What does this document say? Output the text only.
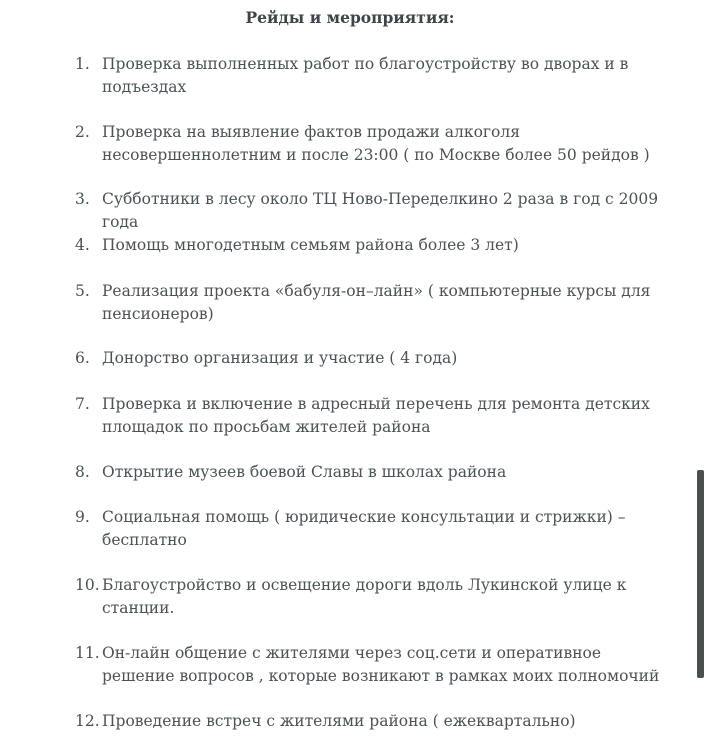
Рейды и мероприятия:
1. Проверка выполненных работ по благоустройству во дворах и в подъездах
2. Проверка на выявление фактов продажи алкоголя несовершеннолетним и после 23:00 ( по Москве более 50 рейдов )
3. Субботники в лесу около ТЦ Ново-Переделкино 2 раза в год с 2009 года
4. Помощь многодетным семьям района более 3 лет)
5. Реализация проекта «бабуля-он–лайн» ( компьютерные курсы для пенсионеров)
6. Донорство организация и участие ( 4 года)
7. Проверка и включение в адресный перечень для ремонта детских площадок по просьбам жителей района
8. Открытие музеев боевой Славы в школах района
9. Социальная помощь ( юридические консультации и стрижки) – бесплатно
10. Благоустройство и освещение дороги вдоль Лукинской улице к станции.
11. Он-лайн общение с жителями через соц.сети и оперативное решение вопросов , которые возникают в рамках моих полномочий
12. Проведение встреч с жителями района ( ежеквартально)
